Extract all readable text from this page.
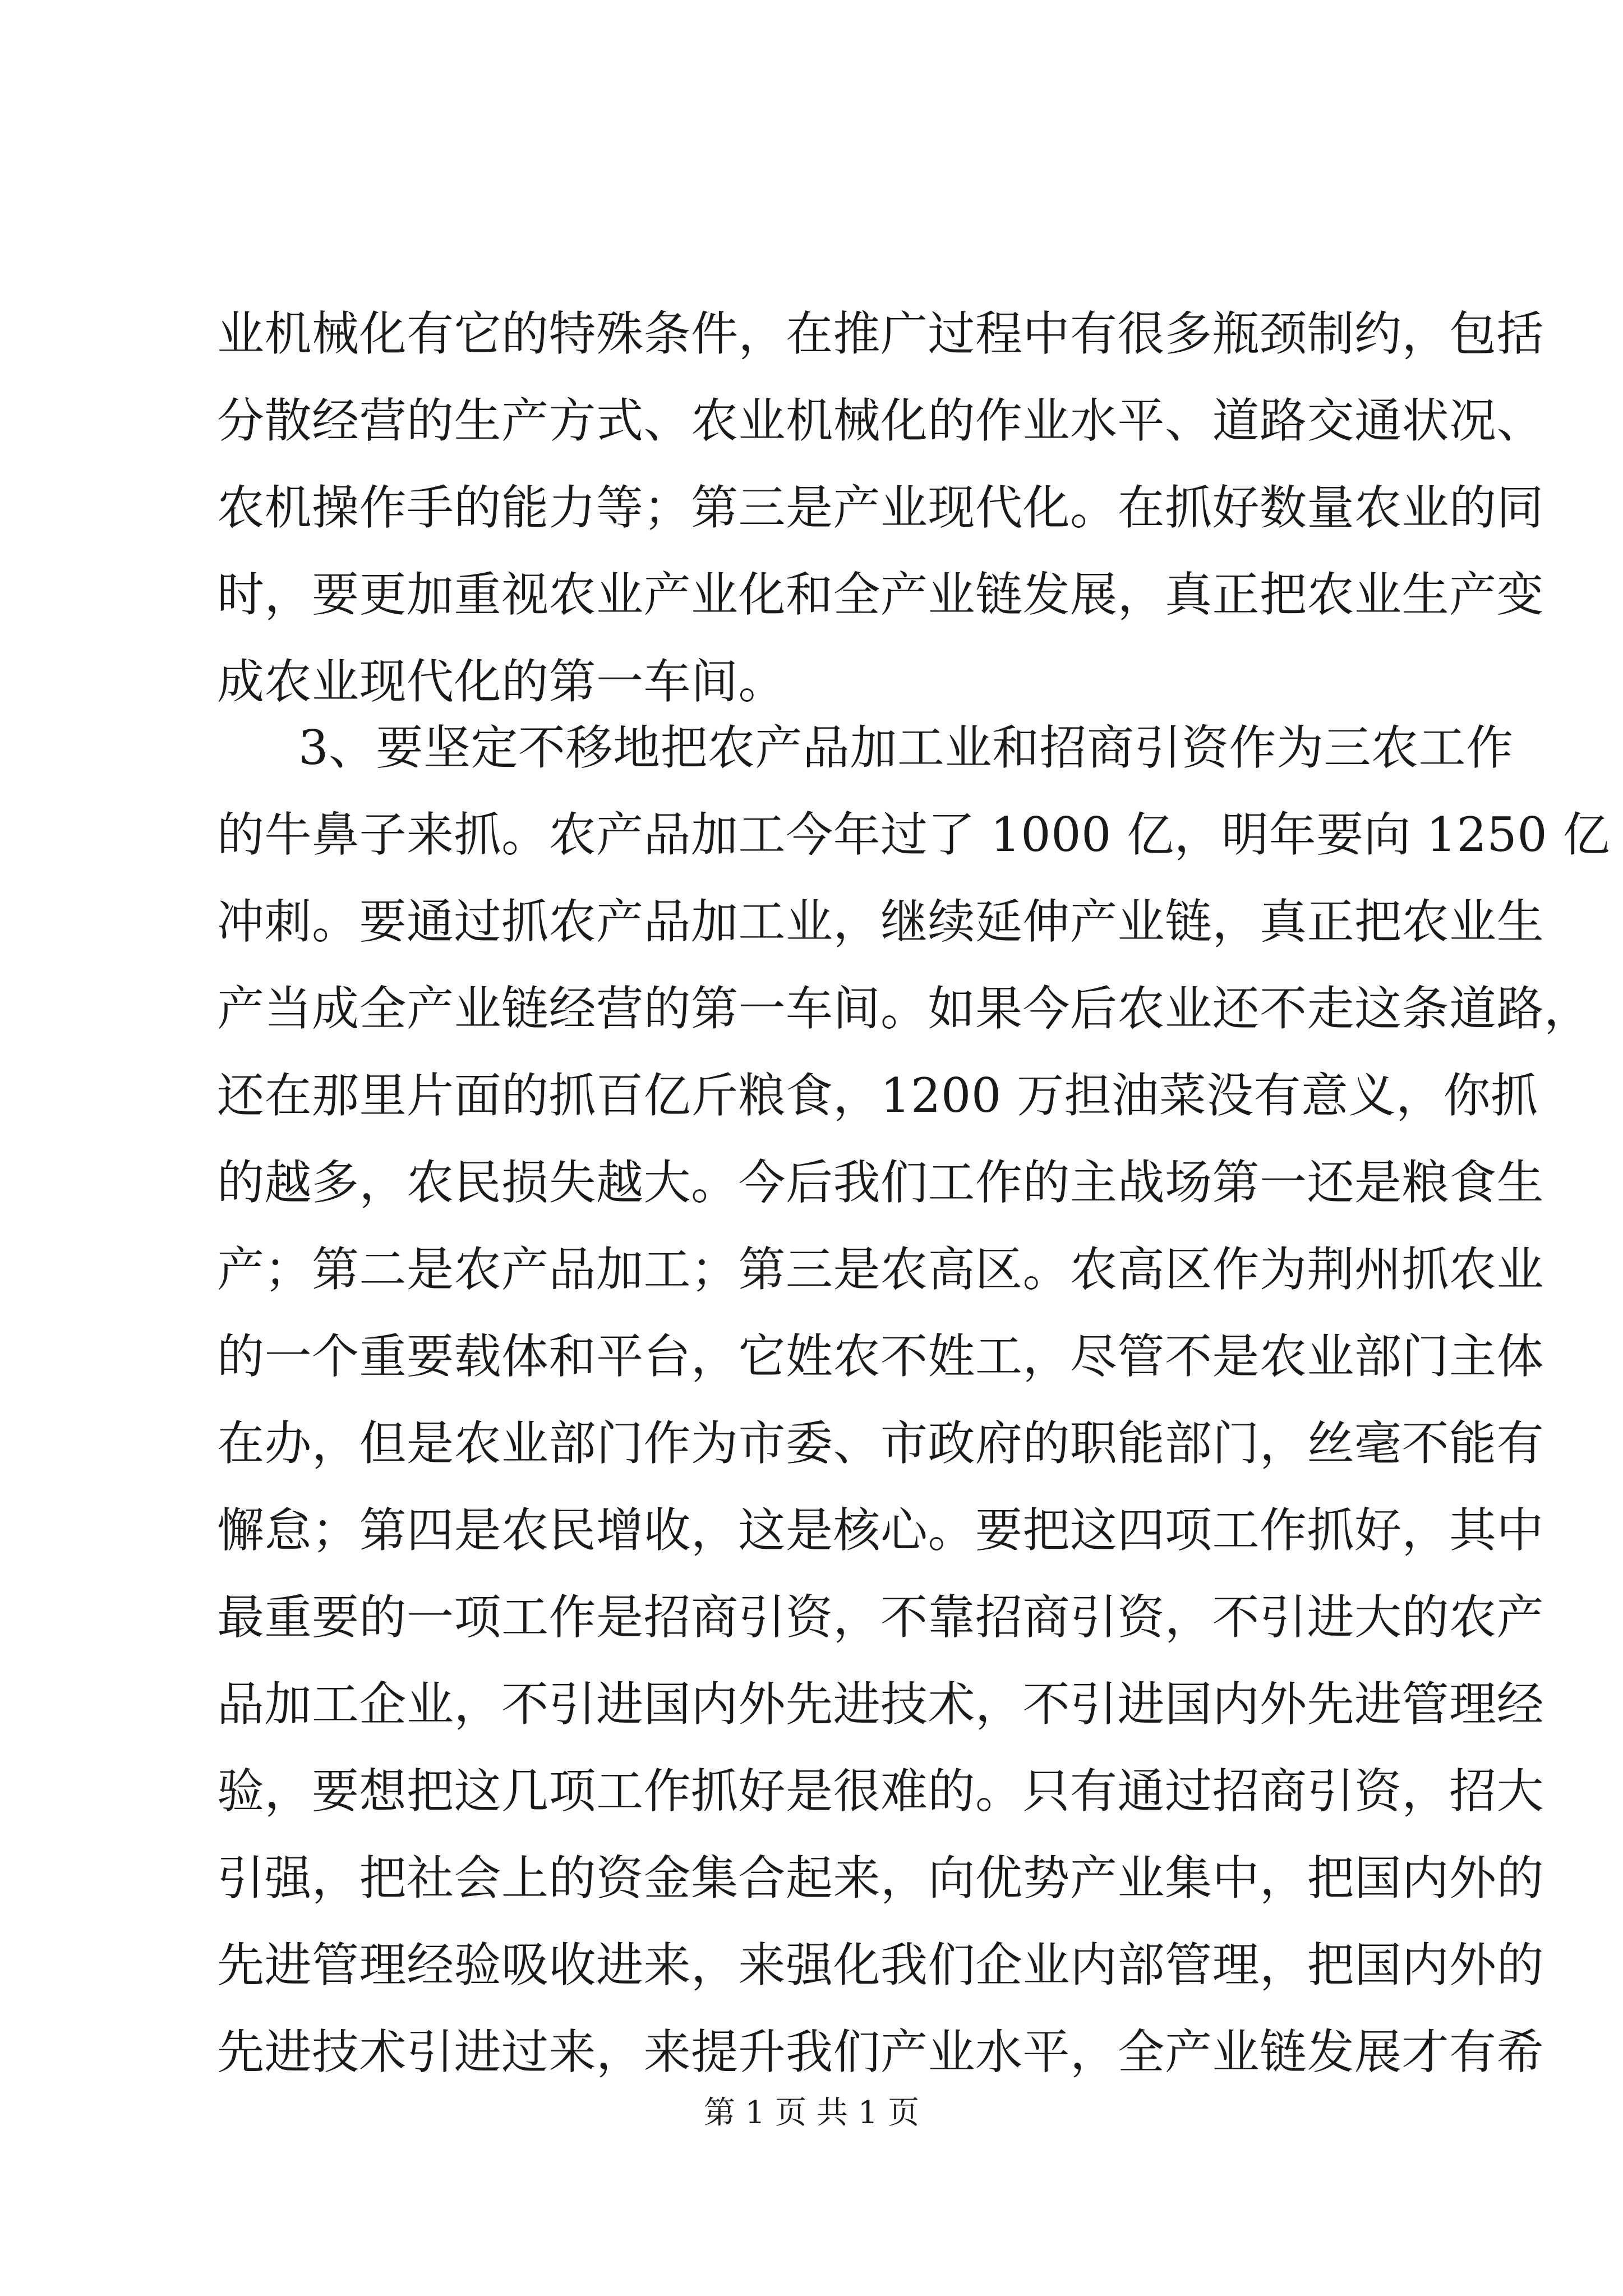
业机械化有它的特殊条件，在推广过程中有很多瓶颈制约，包括
分散经营的生产方式、农业机械化的作业水平、道路交通状况、
农机操作手的能力等；第三是产业现代化。在抓好数量农业的同
时，要更加重视农业产业化和全产业链发展，真正把农业生产变
成农业现代化的第一车间。
3、要坚定不移地把农产品加工业和招商引资作为三农工作
的牛鼻子来抓。农产品加工今年过了 1000 亿，明年要向 1250 亿
冲刺。要通过抓农产品加工业，继续延伸产业链，真正把农业生
产当成全产业链经营的第一车间。如果今后农业还不走这条道路，
还在那里片面的抓百亿斤粮食，1200 万担油菜没有意义，你抓
的越多，农民损失越大。今后我们工作的主战场第一还是粮食生
产；第二是农产品加工；第三是农高区。农高区作为荆州抓农业
的一个重要载体和平台，它姓农不姓工，尽管不是农业部门主体
在办，但是农业部门作为市委、市政府的职能部门，丝毫不能有
懈怠；第四是农民增收，这是核心。要把这四项工作抓好，其中
最重要的一项工作是招商引资，不靠招商引资，不引进大的农产
品加工企业，不引进国内外先进技术，不引进国内外先进管理经
验，要想把这几项工作抓好是很难的。只有通过招商引资，招大
引强，把社会上的资金集合起来，向优势产业集中，把国内外的
先进管理经验吸收进来，来强化我们企业内部管理，把国内外的
先进技术引进过来，来提升我们产业水平，全产业链发展才有希
第 1 页 共 1 页
